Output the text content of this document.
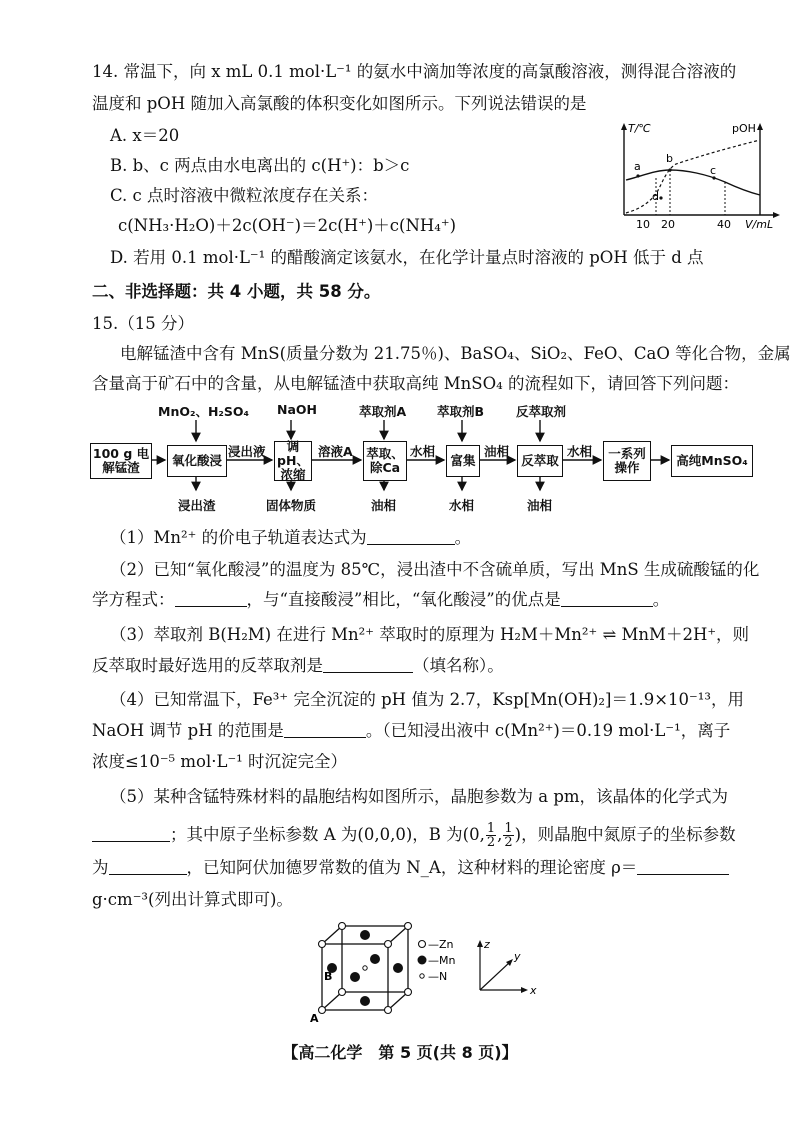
14. 常温下，向 x mL 0.1 mol·L⁻¹ 的氨水中滴加等浓度的高氯酸溶液，测得混合溶液的
温度和 pOH 随加入高氯酸的体积变化如图所示。下列说法错误的是
A. x＝20
B. b、c 两点由水电离出的 c(H⁺)：b＞c
C. c 点时溶液中微粒浓度存在关系：
c(NH₃·H₂O)＋2c(OH⁻)＝2c(H⁺)＋c(NH₄⁺)
D. 若用 0.1 mol·L⁻¹ 的醋酸滴定该氨水，在化学计量点时溶液的 pOH 低于 d 点
T/℃	pOH
a
b
c
d
10 20	40 V/mL
二、非选择题：共 4 小题，共 58 分。
15.（15 分）
电解锰渣中含有 MnS(质量分数为 21.75％)、BaSO₄、SiO₂、FeO、CaO 等化合物，金属
含量高于矿石中的含量，从电解锰渣中获取高纯 MnSO₄ 的流程如下，请回答下列问题：
100 g 电解锰渣	氧化酸浸
调pH、浓缩
萃取、除Ca	富集	反萃取	一系列操作	高纯MnSO₄
MnO₂、H₂SO₄ NaOH	萃取剂A 萃取剂B	反萃取剂
浸出液	溶液A	水相	油相	水相
浸出渣	固体物质	油相	水相	油相
（1）Mn²⁺ 的价电子轨道表达式为	。
（2）已知“氧化酸浸”的温度为 85℃，浸出渣中不含硫单质，写出 MnS 生成硫酸锰的化
学方程式：	，与“直接酸浸”相比，“氧化酸浸”的优点是	。
（3）萃取剂 B(H₂M) 在进行 Mn²⁺ 萃取时的原理为 H₂M＋Mn²⁺ ⇌ MnM＋2H⁺，则
反萃取时最好选用的反萃取剂是	（填名称）。
（4）已知常温下，Fe³⁺ 完全沉淀的 pH 值为 2.7，Ksp[Mn(OH)₂]＝1.9×10⁻¹³，用
NaOH 调节 pH 的范围是	。（已知浸出液中 c(Mn²⁺)＝0.19 mol·L⁻¹，离子
浓度≤10⁻⁵ mol·L⁻¹ 时沉淀完全）
（5）某种含锰特殊材料的晶胞结构如图所示，晶胞参数为 a pm，该晶体的化学式为
；其中原子坐标参数 A 为(0,0,0)，B 为(0, $\frac{1}{2}$ , $\frac{1}{2}$ )，则晶胞中氮原子的坐标参数
为	，已知阿伏加德罗常数的值为 N_A，这种材料的理论密度 ρ＝
g·cm⁻³(列出计算式即可)。
B
A
—Zn
—Mn
—N
z
y
x
【高二化学　第 5 页(共 8 页)】
